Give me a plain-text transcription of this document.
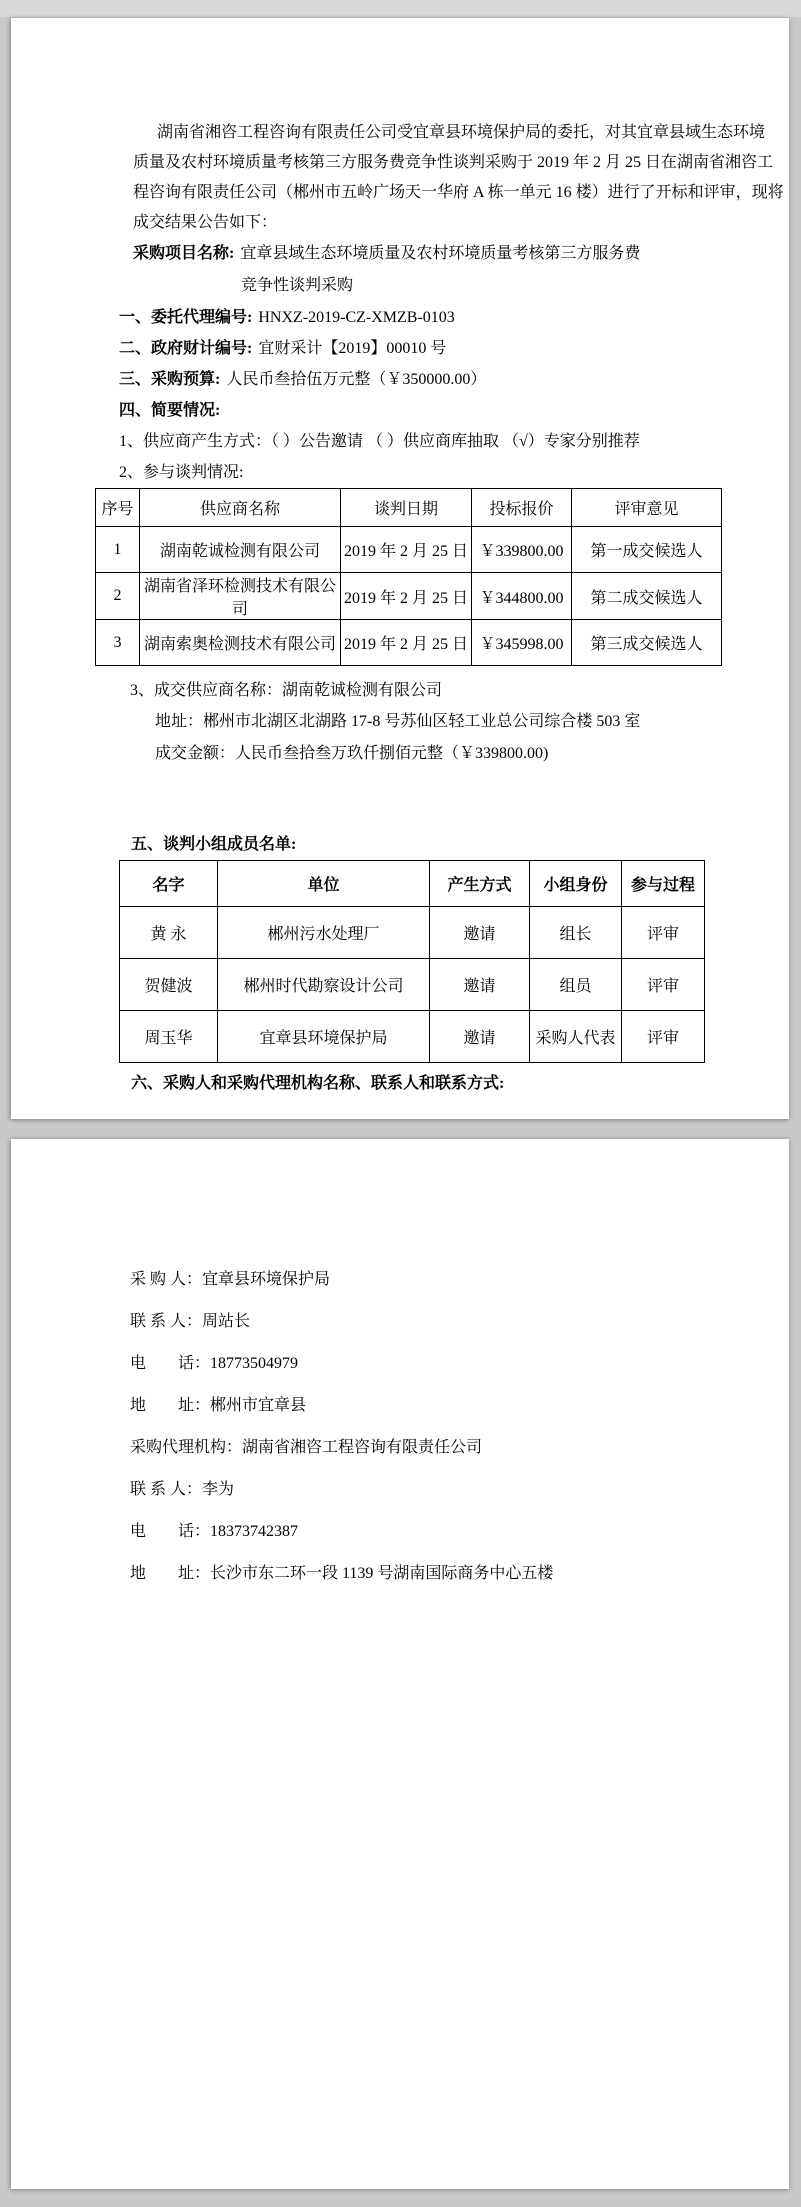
湖南省湘咨工程咨询有限责任公司受宜章县环境保护局的委托，对其宜章县域生态环境
质量及农村环境质量考核第三方服务费竞争性谈判采购于 2019 年 2 月 25 日在湖南省湘咨工
程咨询有限责任公司（郴州市五岭广场天一华府 A 栋一单元 16 楼）进行了开标和评审，现将
成交结果公告如下：
采购项目名称: 宜章县域生态环境质量及农村环境质量考核第三方服务费
竞争性谈判采购
一、委托代理编号: HNXZ-2019-CZ-XMZB-0103
二、政府财计编号: 宜财采计【2019】00010 号
三、采购预算: 人民币叁拾伍万元整（￥350000.00）
四、简要情况:
1、供应商产生方式：（ ）公告邀请 （ ）供应商库抽取 （√）专家分别推荐
2、参与谈判情况:
序号	供应商名称	谈判日期	投标报价	评审意见
1	湖南乾诚检测有限公司	2019 年 2 月 25 日	￥339800.00	第一成交候选人
2	湖南省泽环检测技术有限公司	2019 年 2 月 25 日	￥344800.00	第二成交候选人
3	湖南索奥检测技术有限公司	2019 年 2 月 25 日	￥345998.00	第三成交候选人
3、成交供应商名称：湖南乾诚检测有限公司
地址：郴州市北湖区北湖路 17-8 号苏仙区轻工业总公司综合楼 503 室
成交金额：人民币叁拾叁万玖仟捌佰元整（￥339800.00)
五、谈判小组成员名单:
名字	单位	产生方式	小组身份	参与过程
黄 永	郴州污水处理厂	邀请	组长	评审
贺健波	郴州时代勘察设计公司	邀请	组员	评审
周玉华	宜章县环境保护局	邀请	采购人代表	评审
六、采购人和采购代理机构名称、联系人和联系方式:
采 购 人：宜章县环境保护局
联 系 人：周站长
电　　话：18773504979
地　　址：郴州市宜章县
采购代理机构：湖南省湘咨工程咨询有限责任公司
联 系 人：李为
电　　话：18373742387
地　　址：长沙市东二环一段 1139 号湖南国际商务中心五楼
